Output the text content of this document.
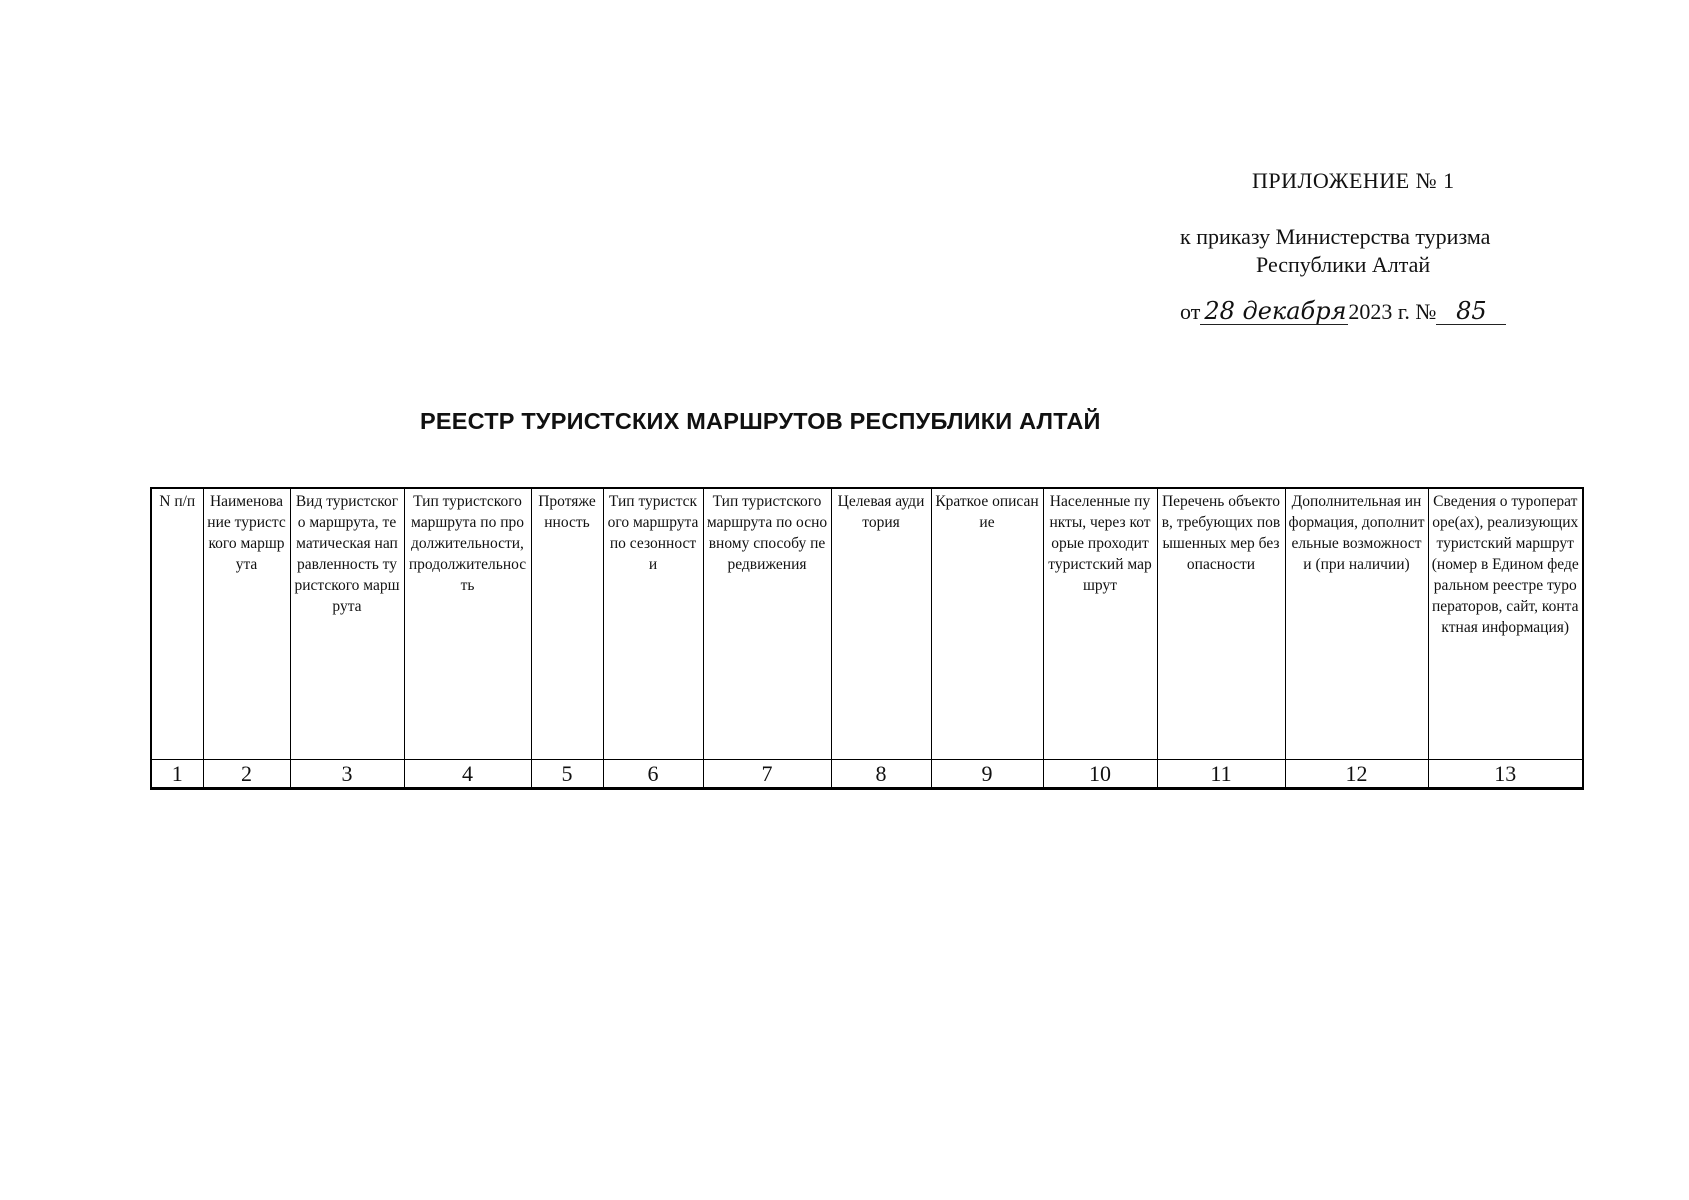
ПРИЛОЖЕНИЕ № 1
к приказу Министерства туризма
Республики Алтай
от 28 декабря 2023 г. № 85
РЕЕСТР ТУРИСТСКИХ МАРШРУТОВ РЕСПУБЛИКИ АЛТАЙ
N п/п	Наименование туристского маршрута	Вид туристского маршрута, тематическая направленность туристского маршрута	Тип туристского маршрута по продолжительности, продолжительность	Протяженность	Тип туристского маршрута по сезонности	Тип туристского маршрута по основному способу передвижения	Целевая аудитория	Краткое описание	Населенные пункты, через которые проходит туристский маршрут	Перечень объектов, требующих повышенных мер безопасности	Дополнительная информация, дополнительные возможности (при наличии)	Сведения о туроператоре(ах), реализующих туристский маршрут (номер в Едином федеральном реестре туроператоров, сайт, контактная информация)
1	2	3	4	5	6	7	8	9	10	11	12	13
